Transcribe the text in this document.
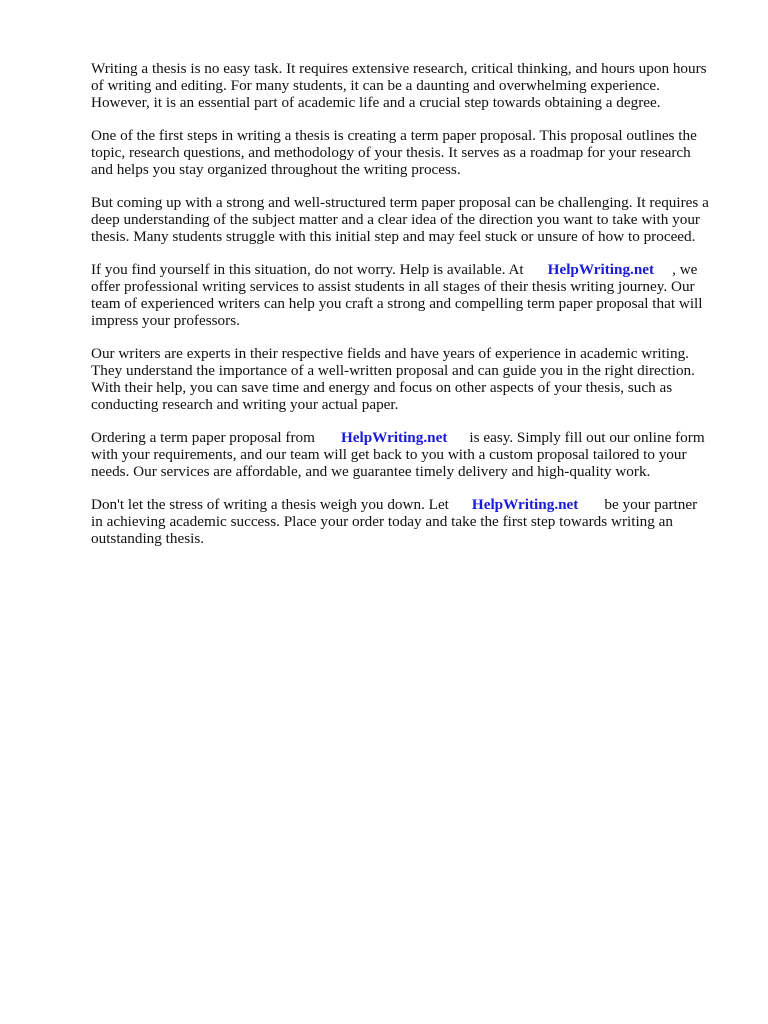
Writing a thesis is no easy task. It requires extensive research, critical thinking, and hours upon hours
of writing and editing. For many students, it can be a daunting and overwhelming experience.
However, it is an essential part of academic life and a crucial step towards obtaining a degree.

One of the first steps in writing a thesis is creating a term paper proposal. This proposal outlines the
topic, research questions, and methodology of your thesis. It serves as a roadmap for your research
and helps you stay organized throughout the writing process.

But coming up with a strong and well-structured term paper proposal can be challenging. It requires a
deep understanding of the subject matter and a clear idea of the direction you want to take with your
thesis. Many students struggle with this initial step and may feel stuck or unsure of how to proceed.

If you find yourself in this situation, do not worry. Help is available. At HelpWriting.net , we
offer professional writing services to assist students in all stages of their thesis writing journey. Our
team of experienced writers can help you craft a strong and compelling term paper proposal that will
impress your professors.

Our writers are experts in their respective fields and have years of experience in academic writing.
They understand the importance of a well-written proposal and can guide you in the right direction.
With their help, you can save time and energy and focus on other aspects of your thesis, such as
conducting research and writing your actual paper.

Ordering a term paper proposal from HelpWriting.net is easy. Simply fill out our online form
with your requirements, and our team will get back to you with a custom proposal tailored to your
needs. Our services are affordable, and we guarantee timely delivery and high-quality work.

Don't let the stress of writing a thesis weigh you down. Let HelpWriting.net be your partner
in achieving academic success. Place your order today and take the first step towards writing an
outstanding thesis.
